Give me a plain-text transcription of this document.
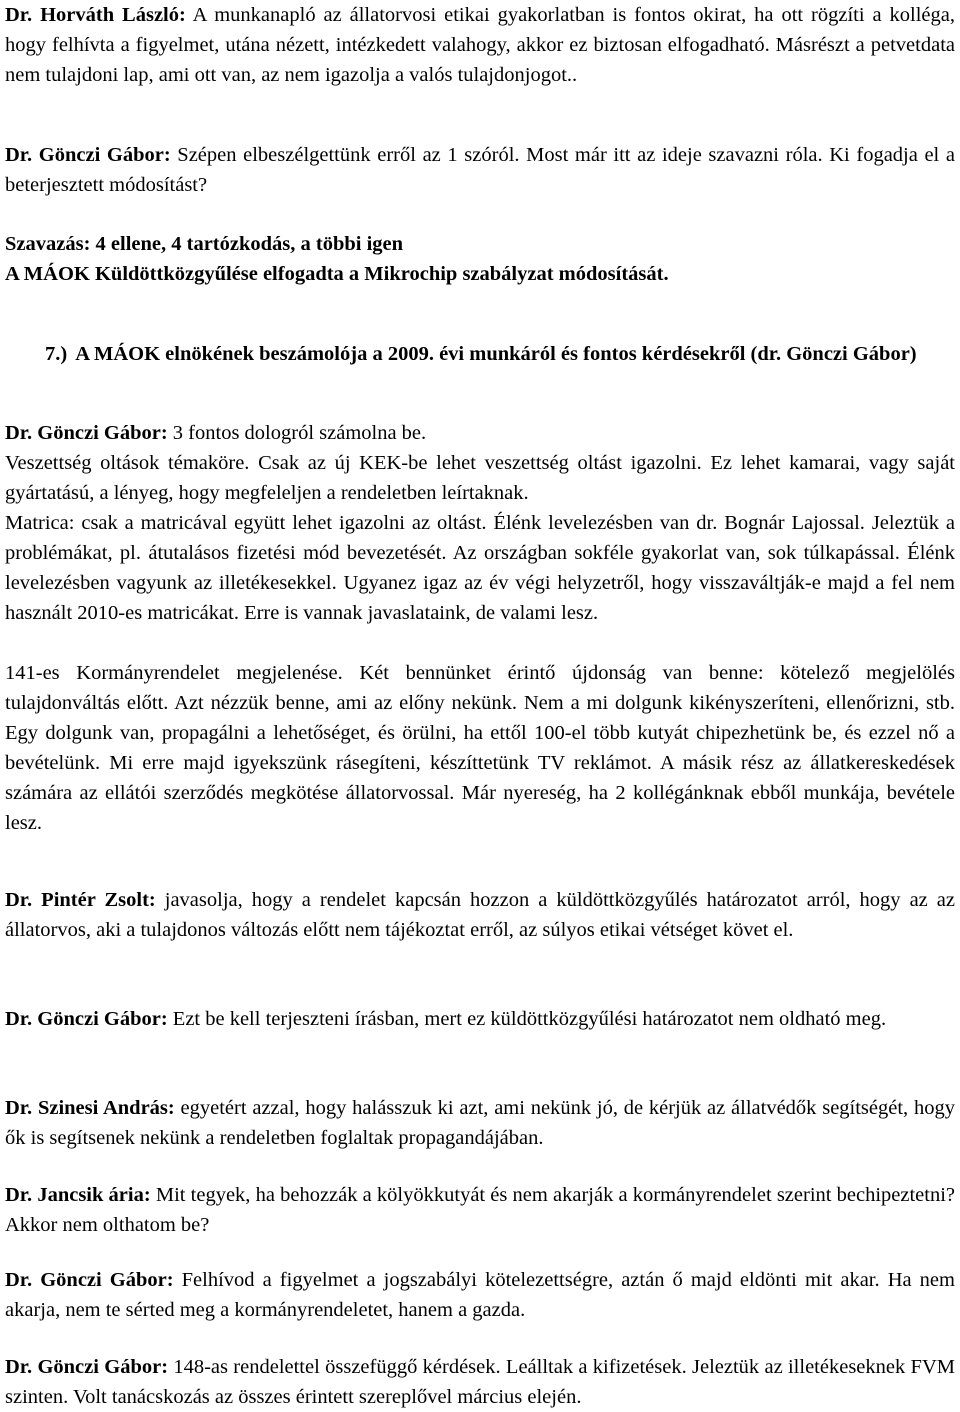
Dr. Horváth László: A munkanapló az állatorvosi etikai gyakorlatban is fontos okirat, ha ott rögzíti a kolléga, hogy felhívta a figyelmet, utána nézett, intézkedett valahogy, akkor ez biztosan elfogadható. Másrészt a petvetdata nem tulajdoni lap, ami ott van, az nem igazolja a valós tulajdonjogot..

Dr. Gönczi Gábor: Szépen elbeszélgettünk erről az 1 szóról. Most már itt az ideje szavazni róla. Ki fogadja el a beterjesztett módosítást?

Szavazás: 4 ellene, 4 tartózkodás, a többi igen
A MÁOK Küldöttközgyűlése elfogadta a Mikrochip szabályzat módosítását.

7.) A MÁOK elnökének beszámolója a 2009. évi munkáról és fontos kérdésekről (dr. Gönczi Gábor)

Dr. Gönczi Gábor: 3 fontos dologról számolna be.

Veszettség oltások témaköre. Csak az új KEK-be lehet veszettség oltást igazolni. Ez lehet kamarai, vagy saját gyártatású, a lényeg, hogy megfeleljen a rendeletben leírtaknak.

Matrica: csak a matricával együtt lehet igazolni az oltást. Élénk levelezésben van dr. Bognár Lajossal. Jeleztük a problémákat, pl. átutalásos fizetési mód bevezetését. Az országban sokféle gyakorlat van, sok túlkapással. Élénk levelezésben vagyunk az illetékesekkel. Ugyanez igaz az év végi helyzetről, hogy visszaváltják-e majd a fel nem használt 2010-es matricákat. Erre is vannak javaslataink, de valami lesz.

141-es Kormányrendelet megjelenése. Két bennünket érintő újdonság van benne: kötelező megjelölés tulajdonváltás előtt. Azt nézzük benne, ami az előny nekünk. Nem a mi dolgunk kikényszeríteni, ellenőrizni, stb. Egy dolgunk van, propagálni a lehetőséget, és örülni, ha ettől 100-el több kutyát chipezhetünk be, és ezzel nő a bevételünk. Mi erre majd igyekszünk rásegíteni, készíttetünk TV reklámot. A másik rész az állatkereskedések számára az ellátói szerződés megkötése állatorvossal. Már nyereség, ha 2 kollégánknak ebből munkája, bevétele lesz.

Dr. Pintér Zsolt: javasolja, hogy a rendelet kapcsán hozzon a küldöttközgyűlés határozatot arról, hogy az az állatorvos, aki a tulajdonos változás előtt nem tájékoztat erről, az súlyos etikai vétséget követ el.

Dr. Gönczi Gábor: Ezt be kell terjeszteni írásban, mert ez küldöttközgyűlési határozatot nem oldható meg.

Dr. Szinesi András: egyetért azzal, hogy halásszuk ki azt, ami nekünk jó, de kérjük az állatvédők segítségét, hogy ők is segítsenek nekünk a rendeletben foglaltak propagandájában.

Dr. Jancsik ária: Mit tegyek, ha behozzák a kölyökkutyát és nem akarják a kormányrendelet szerint bechipeztetni? Akkor nem olthatom be?

Dr. Gönczi Gábor: Felhívod a figyelmet a jogszabályi kötelezettségre, aztán ő majd eldönti mit akar. Ha nem akarja, nem te sérted meg a kormányrendeletet, hanem a gazda.

Dr. Gönczi Gábor: 148-as rendelettel összefüggő kérdések. Leálltak a kifizetések. Jeleztük az illetékeseknek FVM szinten. Volt tanácskozás az összes érintett szereplővel március elején.
